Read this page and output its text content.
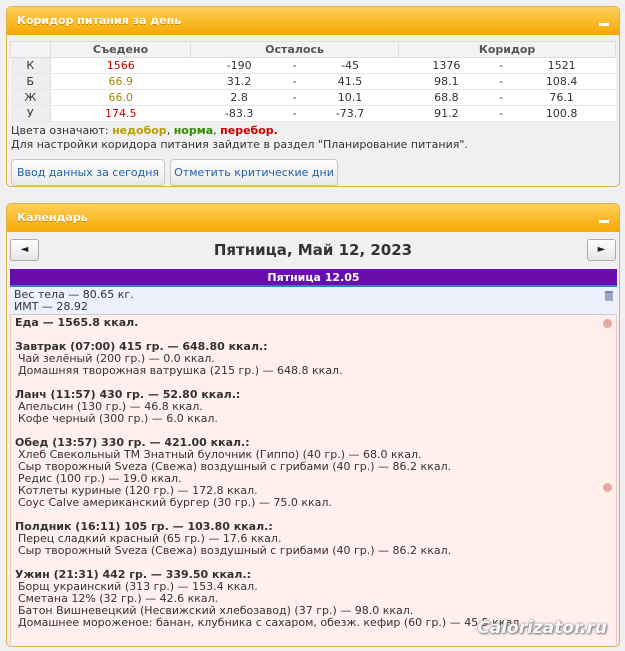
Коридор питания за день
	Съедено	Осталось			Коридор		
К	1566	-190	-	-45	1376	-	1521
Б	66.9	31.2	-	41.5	98.1	-	108.4
Ж	66.0	2.8	-	10.1	68.8	-	76.1
У	174.5	-83.3	-	-73.7	91.2	-	100.8
Цвета означают: недобор, норма, перебор.
Для настройки коридора питания зайдите в раздел "Планирование питания".
Ввод данных за сегодня	Отметить критические дни
Календарь
◄	Пятница, Май 12, 2023	►
Пятница 12.05
Вес тела — 80.65 кг.
ИМТ — 28.92
Еда — 1565.8 ккал.
Завтрак (07:00) 415 гр. — 648.80 ккал.:
Чай зелёный (200 гр.) — 0.0 ккал.
Домашняя творожная ватрушка (215 гр.) — 648.8 ккал.
Ланч (11:57) 430 гр. — 52.80 ккал.:
Апельсин (130 гр.) — 46.8 ккал.
Кофе черный (300 гр.) — 6.0 ккал.
Обед (13:57) 330 гр. — 421.00 ккал.:
Хлеб Свекольный ТМ Знатный булочник (Гиппо) (40 гр.) — 68.0 ккал.
Сыр творожный Sveza (Свежа) воздушный с грибами (40 гр.) — 86.2 ккал.
Редис (100 гр.) — 19.0 ккал.
Котлеты куриные (120 гр.) — 172.8 ккал.
Соус Calve американский бургер (30 гр.) — 75.0 ккал.
Полдник (16:11) 105 гр. — 103.80 ккал.:
Перец сладкий красный (65 гр.) — 17.6 ккал.
Сыр творожный Sveza (Свежа) воздушный с грибами (40 гр.) — 86.2 ккал.
Ужин (21:31) 442 гр. — 339.50 ккал.:
Борщ украинский (313 гр.) — 153.4 ккал.
Сметана 12% (32 гр.) — 42.6 ккал.
Батон Вишневецкий (Несвижский хлебозавод) (37 гр.) — 98.0 ккал.
Домашнее мороженое: банан, клубника с сахаром, обезж. кефир (60 гр.) — 45.5 ккал.
Calorizator.ru
